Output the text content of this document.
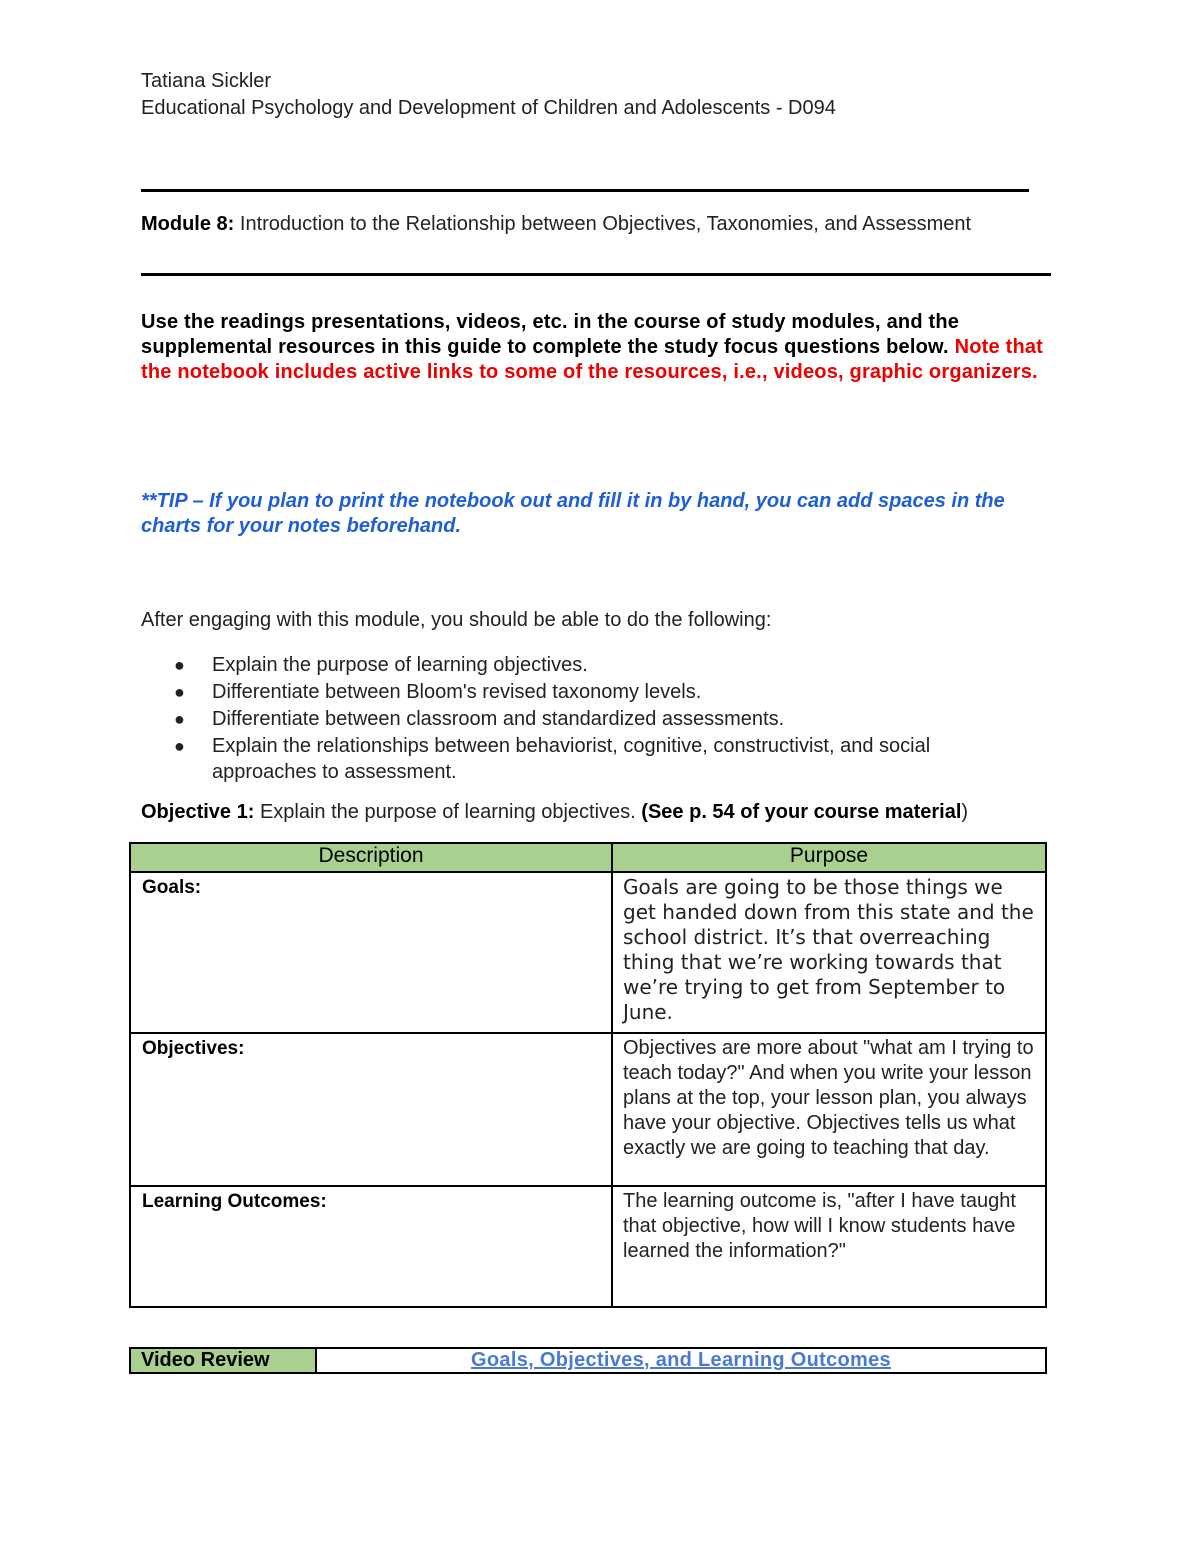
Tatiana Sickler
Educational Psychology and Development of Children and Adolescents - D094
Module 8: Introduction to the Relationship between Objectives, Taxonomies, and Assessment
Use the readings presentations, videos, etc. in the course of study modules, and the supplemental resources in this guide to complete the study focus questions below. Note that the notebook includes active links to some of the resources, i.e., videos, graphic organizers.
**TIP – If you plan to print the notebook out and fill it in by hand, you can add spaces in the charts for your notes beforehand.
After engaging with this module, you should be able to do the following:
● Explain the purpose of learning objectives.
● Differentiate between Bloom's revised taxonomy levels.
● Differentiate between classroom and standardized assessments.
● Explain the relationships between behaviorist, cognitive, constructivist, and social approaches to assessment.
Objective 1: Explain the purpose of learning objectives. (See p. 54 of your course material)
Description	Purpose
Goals:	Goals are going to be those things we get handed down from this state and the school district. It’s that overreaching thing that we’re working towards that we’re trying to get from September to June.
Objectives:	Objectives are more about "what am I trying to teach today?" And when you write your lesson plans at the top, your lesson plan, you always have your objective. Objectives tells us what exactly we are going to teaching that day.
Learning Outcomes:	The learning outcome is, "after I have taught that objective, how will I know students have learned the information?"
Video Review	Goals, Objectives, and Learning Outcomes
